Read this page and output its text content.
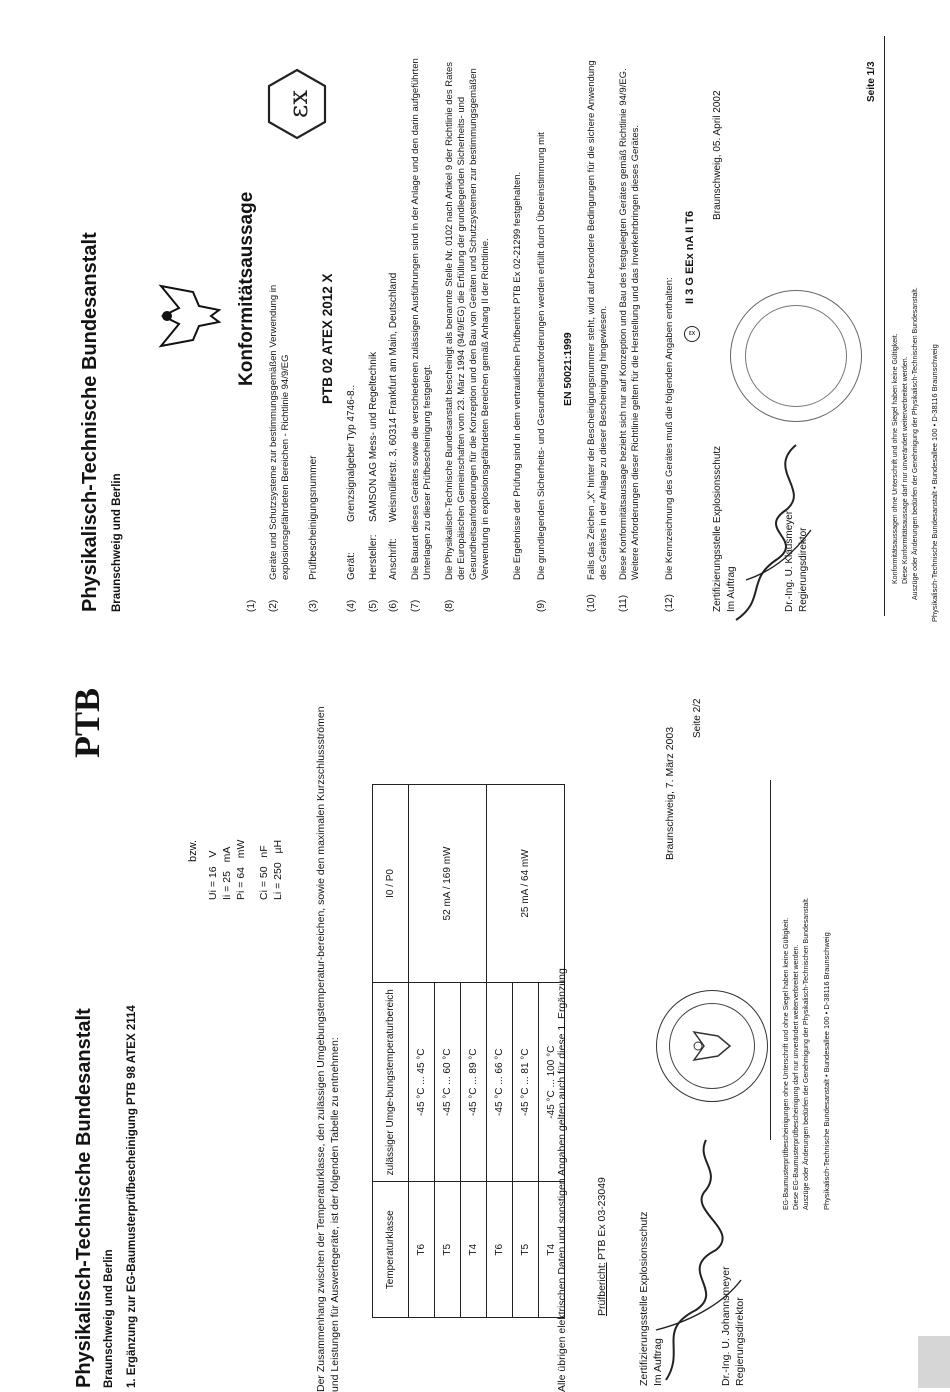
Physikalisch-Technische Bundesanstalt Braunschweig und Berlin 1. Ergänzung zur EG-Baumusterprüfbescheinigung PTB 98 ATEX 2114
PTB
bzw.
Ui = 16   V
Ii = 25   mA
Pi = 64   mW
Ci = 50   nF
Li = 250   µH	Der Zusammenhang zwischen der Temperaturklasse, den zulässigen Umgebungstemperatur-bereichen, sowie den maximalen Kurzschlussströmen und Leistungen für Auswertegeräte, ist der folgenden Tabelle zu entnehmen:	Temperaturklasse	zulässiger Umge-bungstemperaturbereich	I0 / P0
T6	-45 °C ... 45 °C	52 mA / 169 mW
T5	-45 °C ... 60 °C	
T4	-45 °C ... 89 °C	
T6	-45 °C ... 66 °C	25 mA / 64 mW
T5	-45 °C ... 81 °C	
T4	-45 °C ... 100 °C	Alle übrigen elektrischen Daten und sonstigen Angaben gelten auch für diese 1. Ergänzung.	Prüfbericht:
PTB Ex 03-23049	Zertifizierungsstelle Explosionsschutz Im Auftrag	Dr.-Ing. U. Johannsmeyer Regierungsdirektor
Braunschweig, 7. März 2003
EG-Baumusterprüfbescheinigungen ohne Unterschrift und ohne Siegel haben keine Gültigkeit. Diese EG-Baumusterprüfbescheinigung darf nur unverändert weiterverbreitet werden. Auszüge oder Änderungen bedürfen der Genehmigung der Physikalisch-Technischen Bundesanstalt. Physikalisch-Technische Bundesanstalt • Bundesallee 100 • D-38116 Braunschweig
Seite 2/2
Physikalisch-Technische Bundesanstalt Braunschweig und Berlin
εx
Konformitätsaussage
(1) (2)
Geräte und Schutzsysteme zur bestimmungsgemäßen Verwendung in explosionsgefährdeten Bereichen - Richtlinie 94/9/EG
(3)
Prüfbescheinigungsnummer
PTB 02 ATEX 2012 X
(4)
Gerät:
Grenzsignalgeber Typ 4746-8..
(5)
Hersteller:
SAMSON AG Mess- und Regeltechnik
(6)
Anschrift:
Weismüllerstr. 3, 60314 Frankfurt am Main, Deutschland
(7)
Die Bauart dieses Gerätes sowie die verschiedenen zulässigen Ausführungen sind in der Anlage und den darin aufgeführten Unterlagen zu dieser Prüfbescheinigung festgelegt.
(8)
Die Physikalisch-Technische Bundesanstalt bescheinigt als benannte Stelle Nr. 0102 nach Artikel 9 der Richtlinie des Rates der Europäischen Gemeinschaften vom 23. März 1994 (94/9/EG) die Erfüllung der grundlegenden Sicherheits- und Gesundheitsanforderungen für die Konzeption und den Bau von Geräten und Schutzsystemen zur bestimmungsgemäßen Verwendung in explosionsgefährdeten Bereichen gemäß Anhang II der Richtlinie. Die Ergebnisse der Prüfung sind in dem vertraulichen Prüfbericht PTB Ex 02-21299 festgehalten.
(9)
Die grundlegenden Sicherheits- und Gesundheitsanforderungen werden erfüllt durch Übereinstimmung mit EN 50021:1999
(10)
Falls das Zeichen „X“ hinter der Bescheinigungsnummer steht, wird auf besondere Bedingungen für die sichere Anwendung des Gerätes in der Anlage zu dieser Bescheinigung hingewiesen.
(11)
Diese Konformitätsaussage bezieht sich nur auf Konzeption und Bau des festgelegten Gerätes gemäß Richtlinie 94/9/EG. Weitere Anforderungen dieser Richtlinie gelten für die Herstellung und das Inverkehrbringen dieses Gerätes.
(12)
Die Kennzeichnung des Gerätes muß die folgenden Angaben enthalten:	εx
II 3 G EEx nA II T6
Zertifizierungsstelle Explosionsschutz Im Auftrag	Dr.-Ing. U. Klausmeyer Regierungsdirektor
Braunschweig, 05. April 2002
Konformitätsaussagen ohne Unterschrift und ohne Siegel haben keine Gültigkeit. Diese Konformitätsaussage darf nur unverändert weiterverbreitet werden. Auszüge oder Änderungen bedürfen der Genehmigung der Physikalisch-Technischen Bundesanstalt. Physikalisch-Technische Bundesanstalt • Bundesallee 100 • D-38116 Braunschweig
Seite 1/3
